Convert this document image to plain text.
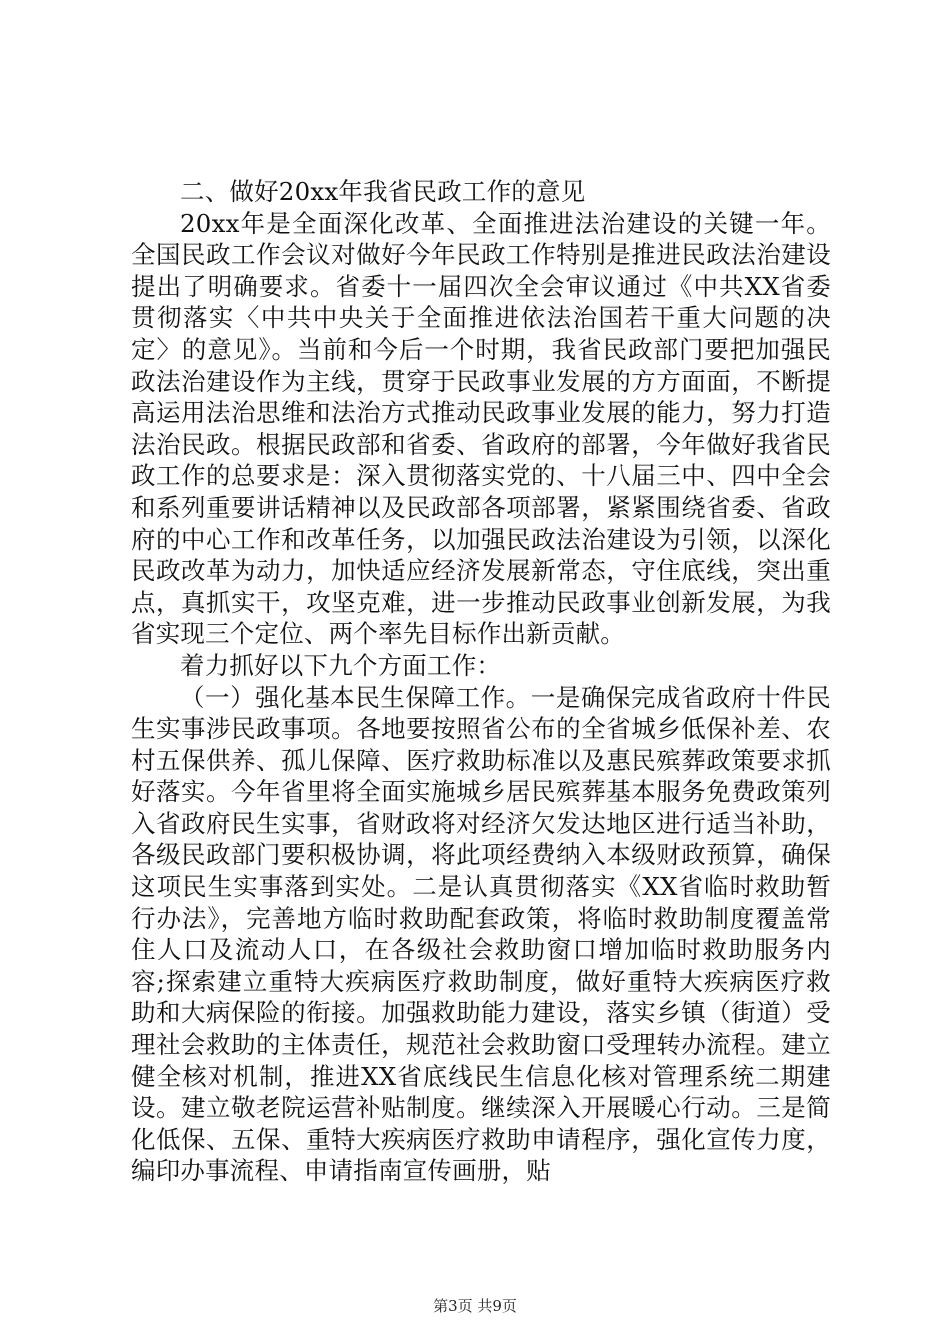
二、做好20xx年我省民政工作的意见

20xx年是全面深化改革、全面推进法治建设的关键一年。全国民政工作会议对做好今年民政工作特别是推进民政法治建设提出了明确要求。省委十一届四次全会审议通过《中共XX省委贯彻落实〈中共中央关于全面推进依法治国若干重大问题的决定〉的意见》。当前和今后一个时期，我省民政部门要把加强民政法治建设作为主线，贯穿于民政事业发展的方方面面，不断提高运用法治思维和法治方式推动民政事业发展的能力，努力打造法治民政。根据民政部和省委、省政府的部署，今年做好我省民政工作的总要求是：深入贯彻落实党的、十八届三中、四中全会和系列重要讲话精神以及民政部各项部署，紧紧围绕省委、省政府的中心工作和改革任务，以加强民政法治建设为引领，以深化民政改革为动力，加快适应经济发展新常态，守住底线，突出重点，真抓实干，攻坚克难，进一步推动民政事业创新发展，为我省实现三个定位、两个率先目标作出新贡献。

着力抓好以下九个方面工作：

（一）强化基本民生保障工作。一是确保完成省政府十件民生实事涉民政事项。各地要按照省公布的全省城乡低保补差、农村五保供养、孤儿保障、医疗救助标准以及惠民殡葬政策要求抓好落实。今年省里将全面实施城乡居民殡葬基本服务免费政策列入省政府民生实事，省财政将对经济欠发达地区进行适当补助，各级民政部门要积极协调，将此项经费纳入本级财政预算，确保这项民生实事落到实处。二是认真贯彻落实《XX省临时救助暂行办法》，完善地方临时救助配套政策，将临时救助制度覆盖常住人口及流动人口，在各级社会救助窗口增加临时救助服务内容;探索建立重特大疾病医疗救助制度，做好重特大疾病医疗救助和大病保险的衔接。加强救助能力建设，落实乡镇（街道）受理社会救助的主体责任，规范社会救助窗口受理转办流程。建立健全核对机制，推进XX省底线民生信息化核对管理系统二期建设。建立敬老院运营补贴制度。继续深入开展暖心行动。三是简化低保、五保、重特大疾病医疗救助申请程序，强化宣传力度，编印办事流程、申请指南宣传画册，贴

第3页 共9页
